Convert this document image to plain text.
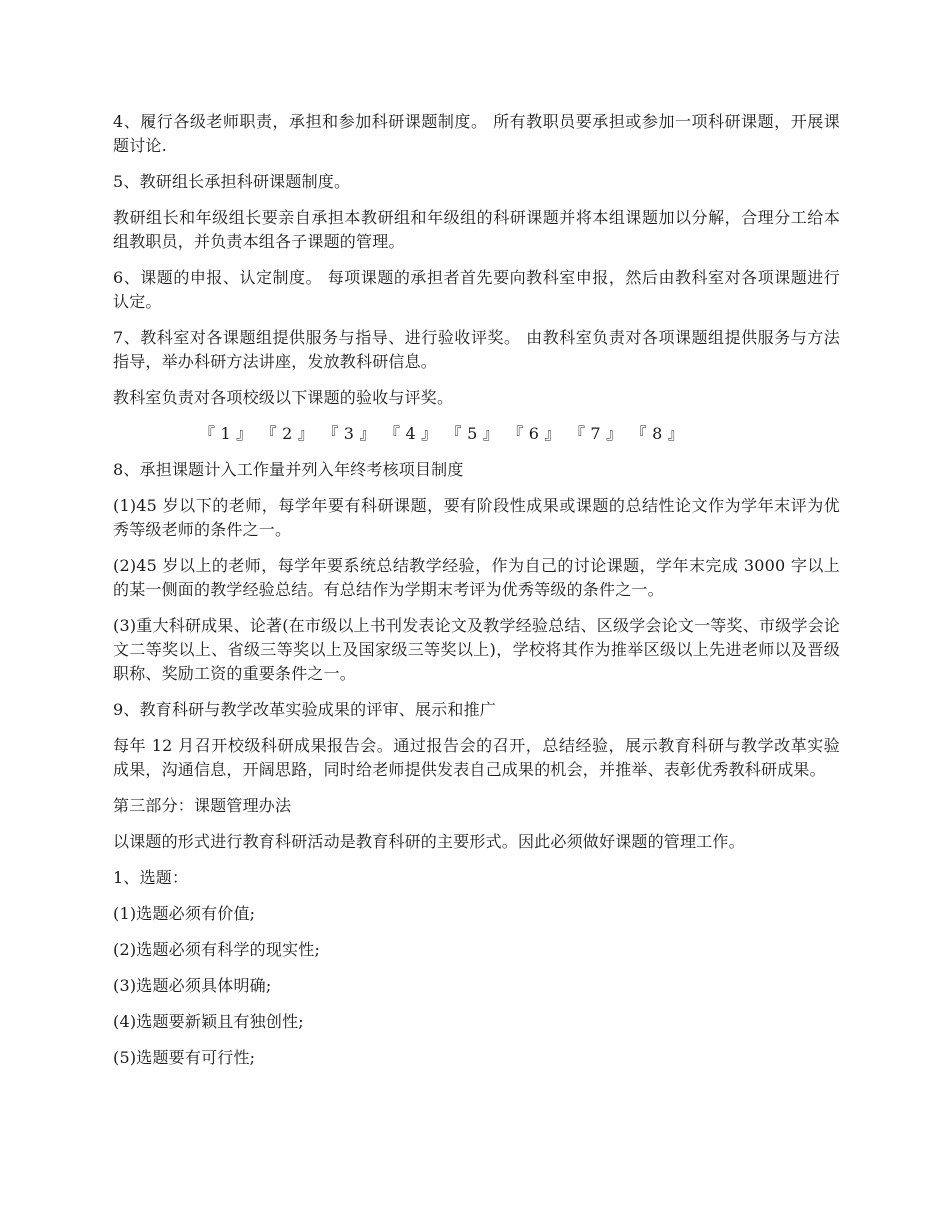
4、履行各级老师职责，承担和参加科研课题制度。 所有教职员要承担或参加一项科研课题，开展课题讨论.

5、教研组长承担科研课题制度。

教研组长和年级组长要亲自承担本教研组和年级组的科研课题并将本组课题加以分解，合理分工给本组教职员，并负责本组各子课题的管理。

6、课题的申报、认定制度。 每项课题的承担者首先要向教科室申报，然后由教科室对各项课题进行认定。

7、教科室对各课题组提供服务与指导、进行验收评奖。 由教科室负责对各项课题组提供服务与方法指导，举办科研方法讲座，发放教科研信息。

教科室负责对各项校级以下课题的验收与评奖。

『 1 』 『 2 』 『 3 』 『 4 』 『 5 』 『 6 』 『 7 』 『 8 』

8、承担课题计入工作量并列入年终考核项目制度

(1)45 岁以下的老师，每学年要有科研课题，要有阶段性成果或课题的总结性论文作为学年末评为优秀等级老师的条件之一。

(2)45 岁以上的老师，每学年要系统总结教学经验，作为自己的讨论课题，学年末完成 3000 字以上的某一侧面的教学经验总结。有总结作为学期末考评为优秀等级的条件之一。

(3)重大科研成果、论著(在市级以上书刊发表论文及教学经验总结、区级学会论文一等奖、市级学会论文二等奖以上、省级三等奖以上及国家级三等奖以上)，学校将其作为推举区级以上先进老师以及晋级职称、奖励工资的重要条件之一。

9、教育科研与教学改革实验成果的评审、展示和推广

每年 12 月召开校级科研成果报告会。通过报告会的召开，总结经验，展示教育科研与教学改革实验成果，沟通信息，开阔思路，同时给老师提供发表自己成果的机会，并推举、表彰优秀教科研成果。

第三部分：课题管理办法

以课题的形式进行教育科研活动是教育科研的主要形式。因此必须做好课题的管理工作。

1、选题：

(1)选题必须有价值;

(2)选题必须有科学的现实性;

(3)选题必须具体明确;

(4)选题要新颖且有独创性;

(5)选题要有可行性;
